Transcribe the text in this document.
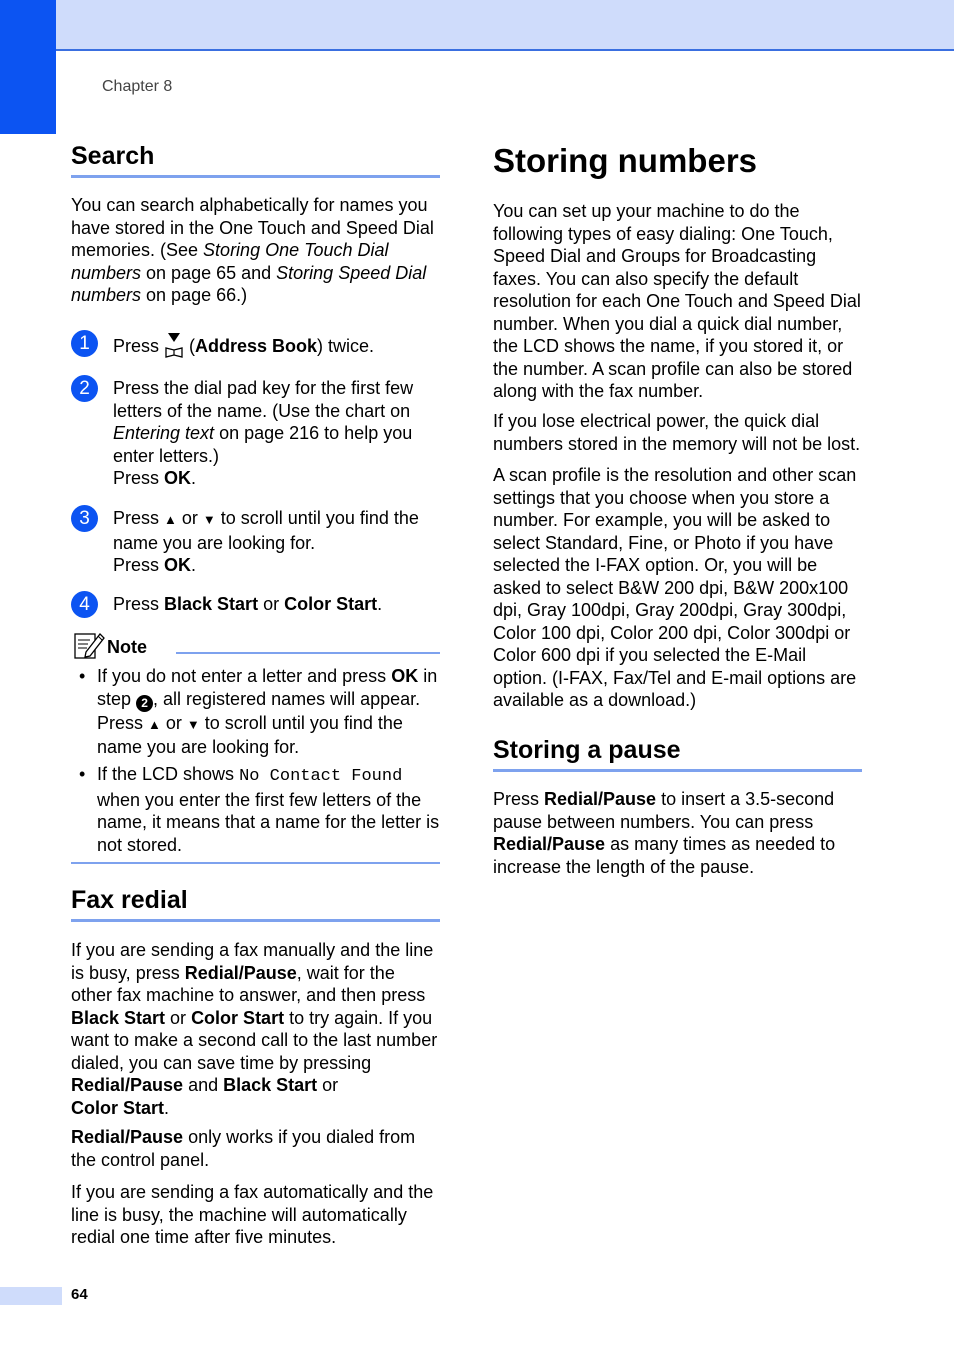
Chapter 8
Search

You can search alphabetically for names you have stored in the One Touch and Speed Dial memories. (See Storing One Touch Dial numbers on page 65 and Storing Speed Dial numbers on page 66.)

1	Press  (Address Book) twice.
2	Press the dial pad key for the first few letters of the name. (Use the chart on Entering text on page 216 to help you enter letters.)
Press OK.
3	Press ▲ or ▼ to scroll until you find the name you are looking for.
Press OK.
4	Press Black Start or Color Start.
Note
• If you do not enter a letter and press OK in step 2 , all registered names will appear. Press ▲ or ▼ to scroll until you find the name you are looking for.
• If the LCD shows No Contact Found when you enter the first few letters of the name, it means that a name for the letter is not stored.
Fax redial

If you are sending a fax manually and the line is busy, press Redial/Pause, wait for the other fax machine to answer, and then press Black Start or Color Start to try again. If you want to make a second call to the last number dialed, you can save time by pressing Redial/Pause and Black Start or
Color Start.

Redial/Pause only works if you dialed from the control panel.

If you are sending a fax automatically and the line is busy, the machine will automatically redial one time after five minutes.

Storing numbers

You can set up your machine to do the following types of easy dialing: One Touch, Speed Dial and Groups for Broadcasting faxes. You can also specify the default resolution for each One Touch and Speed Dial number. When you dial a quick dial number, the LCD shows the name, if you stored it, or the number. A scan profile can also be stored along with the fax number.

If you lose electrical power, the quick dial numbers stored in the memory will not be lost.

A scan profile is the resolution and other scan settings that you choose when you store a number. For example, you will be asked to select Standard, Fine, or Photo if you have selected the I-FAX option. Or, you will be asked to select B&W 200 dpi, B&W 200x100 dpi, Gray 100dpi, Gray 200dpi, Gray 300dpi, Color 100 dpi, Color 200 dpi, Color 300dpi or Color 600 dpi if you selected the E-Mail option. (I-FAX, Fax/Tel and E-mail options are available as a download.)

Storing a pause

Press Redial/Pause to insert a 3.5-second pause between numbers. You can press Redial/Pause as many times as needed to increase the length of the pause.

64
